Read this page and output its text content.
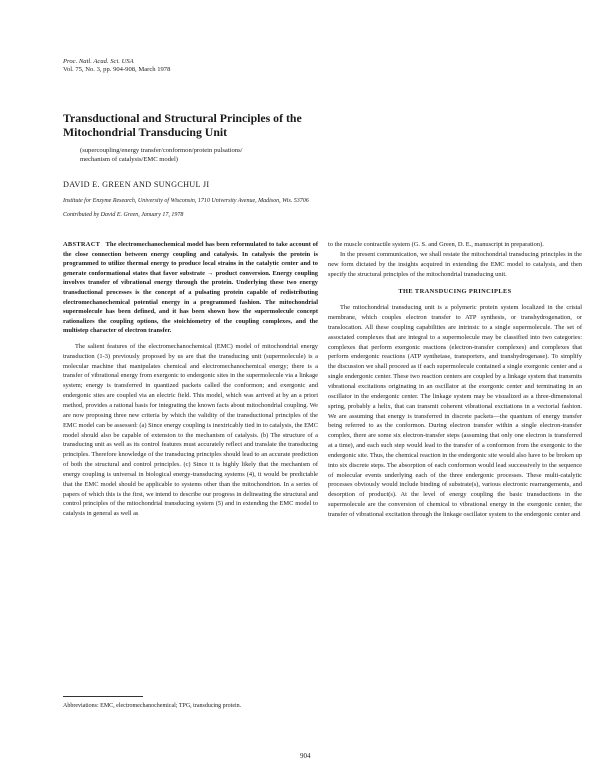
Proc. Natl. Acad. Sci. USA
Vol. 75, No. 3, pp. 904-908, March 1978
Transductional and Structural Principles of the Mitochondrial Transducing Unit
(supercoupling/energy transfer/conformon/protein pulsations/
mechanism of catalysis/EMC model)
DAVID E. GREEN AND SUNGCHUL JI
Institute for Enzyme Research, University of Wisconsin, 1710 University Avenue, Madison, Wis. 53706
Contributed by David E. Green, January 17, 1978

ABSTRACT The electromechanochemical model has been reformulated to take account of the close connection between energy coupling and catalysis. In catalysis the protein is programmed to utilize thermal energy to produce local strains in the catalytic center and to generate conformational states that favor substrate → product conversion. Energy coupling involves transfer of vibrational energy through the protein. Underlying these two energy transductional processes is the concept of a pulsating protein capable of redistributing electromechanochemical potential energy in a programmed fashion. The mitochondrial supermolecule has been defined, and it has been shown how the supermolecule concept rationalizes the coupling options, the stoichiometry of the coupling complexes, and the multistep character of electron transfer.

The salient features of the electromechanochemical (EMC) model of mitochondrial energy transduction (1-3) previously proposed by us are that the transducing unit (supermolecule) is a molecular machine that manipulates chemical and electromechanochemical energy; there is a transfer of vibrational energy from exergonic to endergonic sites in the supermolecule via a linkage system; energy is transferred in quantized packets called the conformon; and exergonic and endergonic sites are coupled via an electric field. This model, which was arrived at by an a priori method, provides a rational basis for integrating the known facts about mitochondrial coupling. We are now proposing three new criteria by which the validity of the transductional principles of the EMC model can be assessed: (a) Since energy coupling is inextricably tied in to catalysis, the EMC model should also be capable of extension to the mechanism of catalysis. (b) The structure of a transducing unit as well as its control features must accurately reflect and translate the transducing principles. Therefore knowledge of the transducing principles should lead to an accurate prediction of both the structural and control principles. (c) Since it is highly likely that the mechanism of energy coupling is universal in biological energy-transducing systems (4), it would be predictable that the EMC model should be applicable to systems other than the mitochondrion. In a series of papers of which this is the first, we intend to describe our progress in delineating the structural and control principles of the mitochondrial transducing system (5) and in extending the EMC model to catalysis in general as well as

to the muscle contractile system (G. S. and Green, D. E., manuscript in preparation).

In the present communication, we shall restate the mitochondrial transducing principles in the new form dictated by the insights acquired in extending the EMC model to catalysis, and then specify the structural principles of the mitochondrial transducing unit.

THE TRANSDUCING PRINCIPLES

The mitochondrial transducing unit is a polymeric protein system localized in the cristal membrane, which couples electron transfer to ATP synthesis, or transhydrogenation, or translocation. All these coupling capabilities are intrinsic to a single supermolecule. The set of associated complexes that are integral to a supermolecule may be classified into two categories: complexes that perform exergonic reactions (electron-transfer complexes) and complexes that perform endergonic reactions (ATP synthetase, transporters, and transhydrogenase). To simplify the discussion we shall proceed as if each supermolecule contained a single exergonic center and a single endergonic center. These two reaction centers are coupled by a linkage system that transmits vibrational excitations originating in an oscillator at the exergonic center and terminating in an oscillator in the endergonic center. The linkage system may be visualized as a three-dimensional spring, probably a helix, that can transmit coherent vibrational excitations in a vectorial fashion. We are assuming that energy is transferred in discrete packets—the quantum of energy transfer being referred to as the conformon. During electron transfer within a single electron-transfer complex, there are some six electron-transfer steps (assuming that only one electron is transferred at a time), and each such step would lead to the transfer of a conformon from the exergonic to the endergonic site. Thus, the chemical reaction in the endergonic site would also have to be broken up into six discrete steps. The absorption of each conformon would lead successively to the sequence of molecular events underlying each of the three endergonic processes. These multi-catalytic processes obviously would include binding of substrate(s), various electronic rearrangements, and desorption of product(s). At the level of energy coupling the basic transductions in the supermolecule are the conversion of chemical to vibrational energy in the exergonic center, the transfer of vibrational excitation through the linkage oscillator system to the endergonic center and

Abbreviations: EMC, electromechanochemical; TPG, transducing protein.
904
